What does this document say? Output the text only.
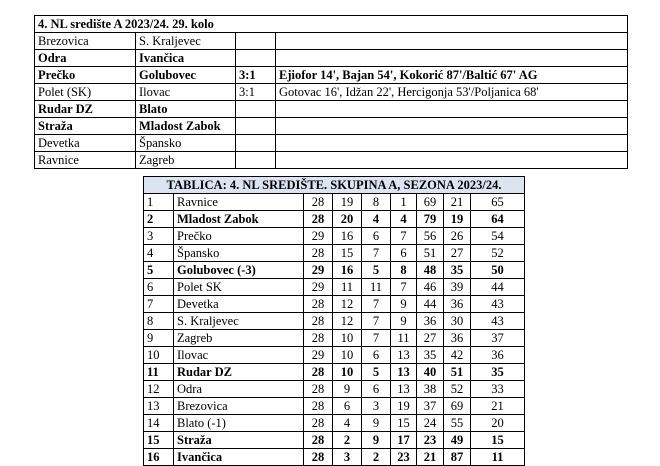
4. NL središte A 2023/24. 29. kolo			
Brezovica	S. Kraljevec		
Odra	Ivančica		
Prečko	Golubovec	3:1	Ejiofor 14', Bajan 54', Kokorić 87'/Baltić 67' AG
Polet (SK)	Ilovac	3:1	Gotovac 16', Idžan 22', Hercigonja 53'/Poljanica 68'
Rudar DZ	Blato		
Straža	Mladost Zabok		
Devetka	Špansko		
Ravnice	Zagreb		
TABLICA: 4. NL SREDIŠTE. SKUPINA A, SEZONA 2023/24.								
1	Ravnice	28	19	8	1	69	21	65
2	Mladost Zabok	28	20	4	4	79	19	64
3	Prečko	29	16	6	7	56	26	54
4	Špansko	28	15	7	6	51	27	52
5	Golubovec (-3)	29	16	5	8	48	35	50
6	Polet SK	29	11	11	7	46	39	44
7	Devetka	28	12	7	9	44	36	43
8	S. Kraljevec	28	12	7	9	36	30	43
9	Zagreb	28	10	7	11	27	36	37
10	Ilovac	29	10	6	13	35	42	36
11	Rudar DZ	28	10	5	13	40	51	35
12	Odra	28	9	6	13	38	52	33
13	Brezovica	28	6	3	19	37	69	21
14	Blato (-1)	28	4	9	15	24	55	20
15	Straža	28	2	9	17	23	49	15
16	Ivančica	28	3	2	23	21	87	11
